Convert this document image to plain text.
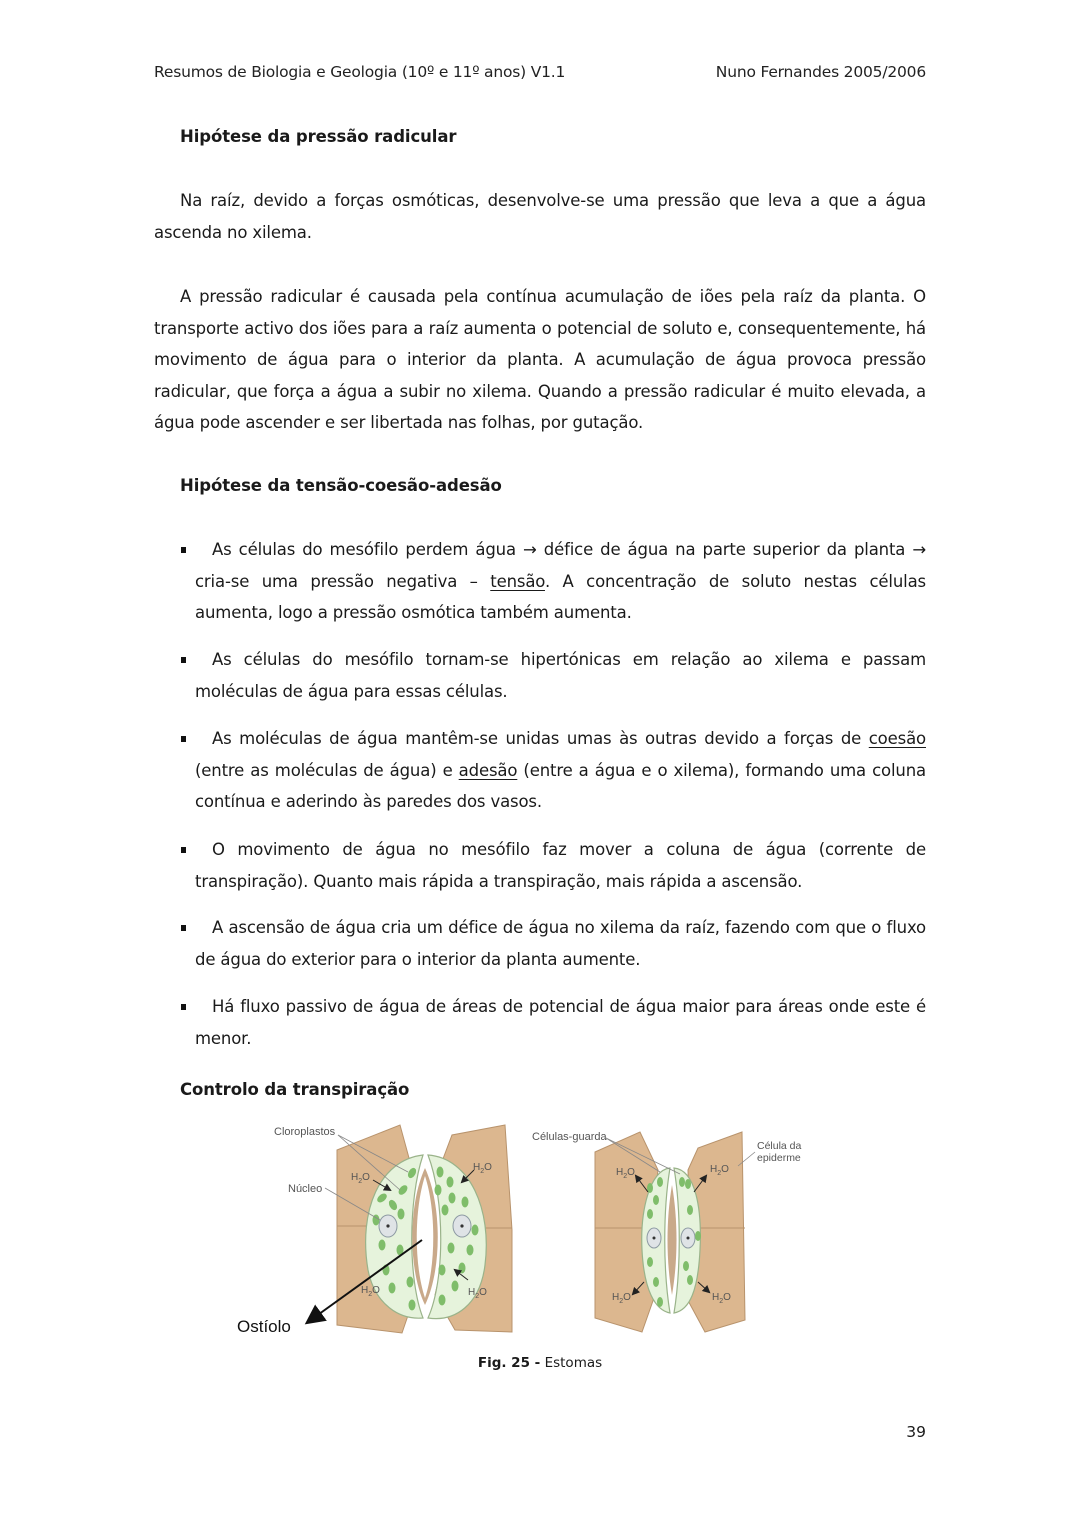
Resumos de Biologia e Geologia (10º e 11º anos) V1.1	Nuno Fernandes 2005/2006
Hipótese da pressão radicular
Na raíz, devido a forças osmóticas, desenvolve-se uma pressão que leva a que a água ascenda no xilema.
A pressão radicular é causada pela contínua acumulação de iões pela raíz da planta. O transporte activo dos iões para a raíz aumenta o potencial de soluto e, consequentemente, há movimento de água para o interior da planta. A acumulação de água provoca pressão radicular, que força a água a subir no xilema. Quando a pressão radicular é muito elevada, a água pode ascender e ser libertada nas folhas, por gutação.
Hipótese da tensão-coesão-adesão
As células do mesófilo perdem água → défice de água na parte superior da planta → cria-se uma pressão negativa – tensão. A concentração de soluto nestas células aumenta, logo a pressão osmótica também aumenta.
As células do mesófilo tornam-se hipertónicas em relação ao xilema e passam moléculas de água para essas células.
As moléculas de água mantêm-se unidas umas às outras devido a forças de coesão (entre as moléculas de água) e adesão (entre a água e o xilema), formando uma coluna contínua e aderindo às paredes dos vasos.
O movimento de água no mesófilo faz mover a coluna de água (corrente de transpiração). Quanto mais rápida a transpiração, mais rápida a ascensão.
A ascensão de água cria um défice de água no xilema da raíz, fazendo com que o fluxo de água do exterior para o interior da planta aumente.
Há fluxo passivo de água de áreas de potencial de água maior para áreas onde este é menor.
Controlo da transpiração
Cloroplastos
Núcleo
$H_2O$
$H_2O$
$H_2O$	$H_2O$
Ostíolo
Células-guarda
Célula da
epiderme
$H_2O$	$H_2O$
$H_2O$	$H_2O$
Fig. 25 - Estomas
39
